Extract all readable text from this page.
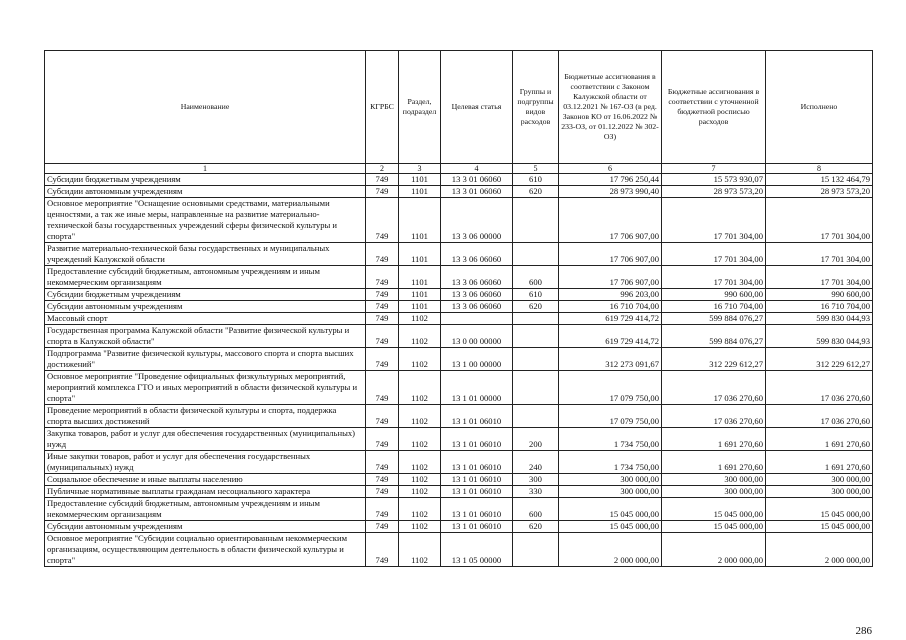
Наименование	КГРБС	Раздел, подраздел	Целевая статья	Группы и подгруппы видов расходов	Бюджетные ассигнования в соответствии с Законом Калужской области от 03.12.2021 № 167-ОЗ (в ред. Законов КО от 16.06.2022 № 233-ОЗ, от 01.12.2022 № 302-ОЗ)	Бюджетные ассигнования в соответствии с уточненной бюджетной росписью расходов	Исполнено
1	2	3	4	5	6	7	8
Субсидии бюджетным учреждениям	749	1101	13 3 01 06060	610	17 796 250,44	15 573 930,07	15 132 464,79
Субсидии автономным учреждениям	749	1101	13 3 01 06060	620	28 973 990,40	28 973 573,20	28 973 573,20
Основное мероприятие "Оснащение основными средствами, материальными ценностями, а так же иные меры, направленные на развитие материально-технической базы государственных учреждений сферы физической культуры и спорта"	749	1101	13 3 06 00000		17 706 907,00	17 701 304,00	17 701 304,00
Развитие материально-технической базы государственных и муниципальных учреждений Калужской области	749	1101	13 3 06 06060		17 706 907,00	17 701 304,00	17 701 304,00
Предоставление субсидий бюджетным, автономным учреждениям и иным некоммерческим организациям	749	1101	13 3 06 06060	600	17 706 907,00	17 701 304,00	17 701 304,00
Субсидии бюджетным учреждениям	749	1101	13 3 06 06060	610	996 203,00	990 600,00	990 600,00
Субсидии автономным учреждениям	749	1101	13 3 06 06060	620	16 710 704,00	16 710 704,00	16 710 704,00
Массовый спорт	749	1102			619 729 414,72	599 884 076,27	599 830 044,93
Государственная программа Калужской области "Развитие физической культуры и спорта в Калужской области"	749	1102	13 0 00 00000		619 729 414,72	599 884 076,27	599 830 044,93
Подпрограмма "Развитие физической культуры, массового спорта и спорта высших достижений"	749	1102	13 1 00 00000		312 273 091,67	312 229 612,27	312 229 612,27
Основное мероприятие "Проведение официальных физкультурных мероприятий, мероприятий комплекса ГТО и иных мероприятий в области физической культуры и спорта"	749	1102	13 1 01 00000		17 079 750,00	17 036 270,60	17 036 270,60
Проведение мероприятий в области физической культуры и спорта, поддержка спорта высших достижений	749	1102	13 1 01 06010		17 079 750,00	17 036 270,60	17 036 270,60
Закупка товаров, работ и услуг для обеспечения государственных (муниципальных) нужд	749	1102	13 1 01 06010	200	1 734 750,00	1 691 270,60	1 691 270,60
Иные закупки товаров, работ и услуг для обеспечения государственных (муниципальных) нужд	749	1102	13 1 01 06010	240	1 734 750,00	1 691 270,60	1 691 270,60
Социальное обеспечение и иные выплаты населению	749	1102	13 1 01 06010	300	300 000,00	300 000,00	300 000,00
Публичные нормативные выплаты гражданам несоциального характера	749	1102	13 1 01 06010	330	300 000,00	300 000,00	300 000,00
Предоставление субсидий бюджетным, автономным учреждениям и иным некоммерческим организациям	749	1102	13 1 01 06010	600	15 045 000,00	15 045 000,00	15 045 000,00
Субсидии автономным учреждениям	749	1102	13 1 01 06010	620	15 045 000,00	15 045 000,00	15 045 000,00
Основное мероприятие "Субсидии социально ориентированным некоммерческим организациям, осуществляющим деятельность в области физической культуры и спорта"	749	1102	13 1 05 00000		2 000 000,00	2 000 000,00	2 000 000,00
286
